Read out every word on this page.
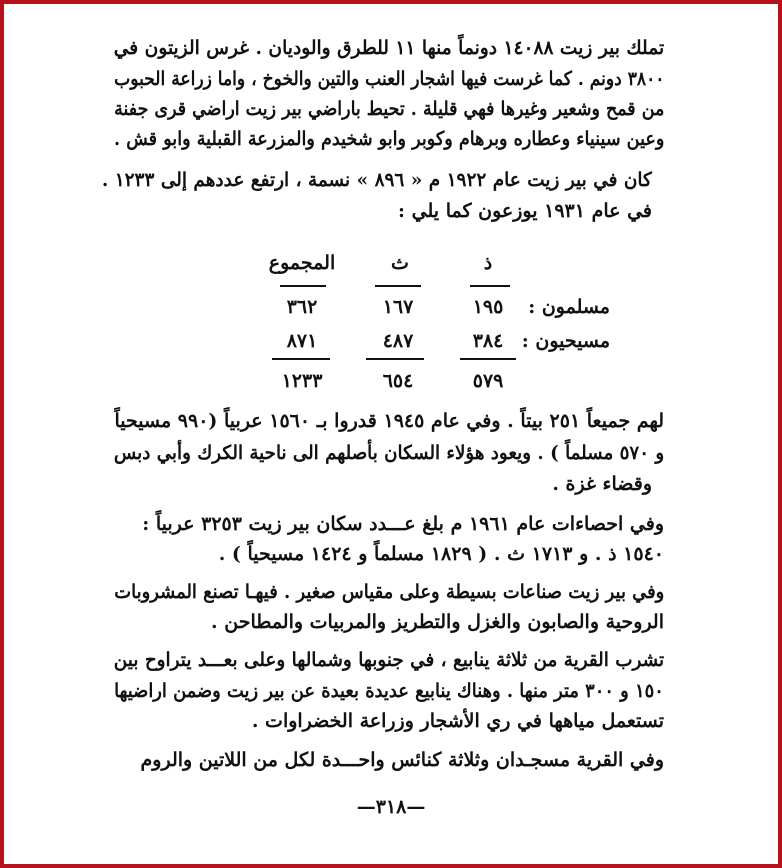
تملك بير زيت ١٤٠٨٨ دونماً منها ١١ للطرق والوديان . غرس الزيتون في
٣٨٠٠ دونم . كما غرست فيها اشجار العنب والتين والخوخ ، واما زراعة الحبوب
من قمح وشعير وغيرها فهي قليلة . تحيط باراضي بير زيت اراضي قرى جفنة
وعين سينياء وعطاره وبرهام وكوبر وابو شخيدم والمزرعة القبلية وابو قش .
كان في بير زيت عام ١٩٢٢ م « ٨٩٦ » نسمة ، ارتفع عددهم إلى ١٢٣٣ .
في عام ١٩٣١ يوزعون كما يلي :
ذ
ث
المجموع
مسلمون :
١٩٥
١٦٧
٣٦٢
مسيحيون :
٣٨٤
٤٨٧
٨٧١
٥٧٩
٦٥٤
١٢٣٣
لهم جميعاً ٢٥١ بيتاً . وفي عام ١٩٤٥ قدروا بـ ١٥٦٠ عربياً (٩٩٠ مسيحياً
و ٥٧٠ مسلماً ) . ويعود هؤلاء السكان بأصلهم الى ناحية الكرك وأبي دبس
وقضاء غزة .
وفي احصاءات عام ١٩٦١ م بلغ عـــدد سكان بير زيت ٣٢٥٣ عربياً :
١٥٤٠ ذ . و ١٧١٣ ث . ( ١٨٢٩ مسلماً و ١٤٢٤ مسيحياً ) .
وفي بير زيت صناعات بسيطة وعلى مقياس صغير . فيهـا تصنع المشروبات
الروحية والصابون والغزل والتطريز والمربيات والمطاحن .
تشرب القرية من ثلاثة ينابيع ، في جنوبها وشمالها وعلى بعـــد يتراوح بين
١٥٠ و ٣٠٠ متر منها . وهناك ينابيع عديدة بعيدة عن بير زيت وضمن اراضيها
تستعمل مياهها في ري الأشجار وزراعة الخضراوات .
وفي القرية مسجـدان وثلاثة كنائس واحـــدة لكل من اللاتين والروم
—٣١٨—
